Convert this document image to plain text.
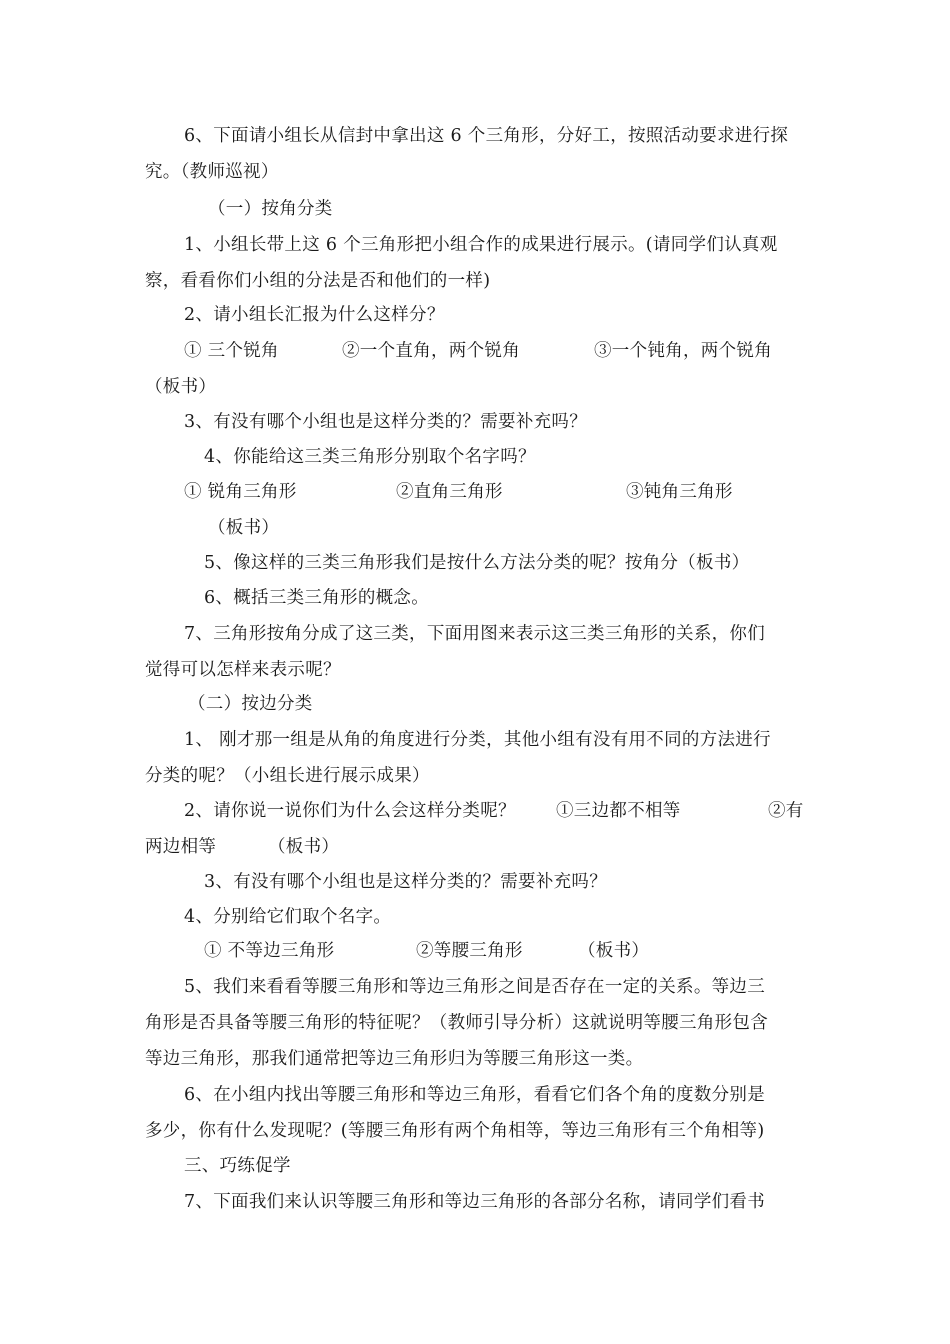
6、下面请小组长从信封中拿出这 6 个三角形，分好工，按照活动要求进行探
究。（教师巡视）
（一）按角分类
1、小组长带上这 6 个三角形把小组合作的成果进行展示。(请同学们认真观
察，看看你们小组的分法是否和他们的一样)
2、请小组长汇报为什么这样分？
① 三个锐角	②一个直角，两个锐角	③一个钝角，两个锐角
（板书）
3、有没有哪个小组也是这样分类的？需要补充吗？
4、你能给这三类三角形分别取个名字吗？
① 锐角三角形	②直角三角形	③钝角三角形
（板书）
5、像这样的三类三角形我们是按什么方法分类的呢？按角分（板书）
6、概括三类三角形的概念。
7、三角形按角分成了这三类，下面用图来表示这三类三角形的关系，你们
觉得可以怎样来表示呢？
（二）按边分类
1、 刚才那一组是从角的角度进行分类，其他小组有没有用不同的方法进行
分类的呢？（小组长进行展示成果）
2、请你说一说你们为什么会这样分类呢？ ①三边都不相等	②有
两边相等	（板书）
3、有没有哪个小组也是这样分类的？需要补充吗？
4、分别给它们取个名字。
① 不等边三角形	②等腰三角形	（板书）
5、我们来看看等腰三角形和等边三角形之间是否存在一定的关系。等边三
角形是否具备等腰三角形的特征呢？（教师引导分析）这就说明等腰三角形包含
等边三角形，那我们通常把等边三角形归为等腰三角形这一类。
6、在小组内找出等腰三角形和等边三角形，看看它们各个角的度数分别是
多少，你有什么发现呢？(等腰三角形有两个角相等，等边三角形有三个角相等)
三、巧练促学
7、下面我们来认识等腰三角形和等边三角形的各部分名称，请同学们看书
